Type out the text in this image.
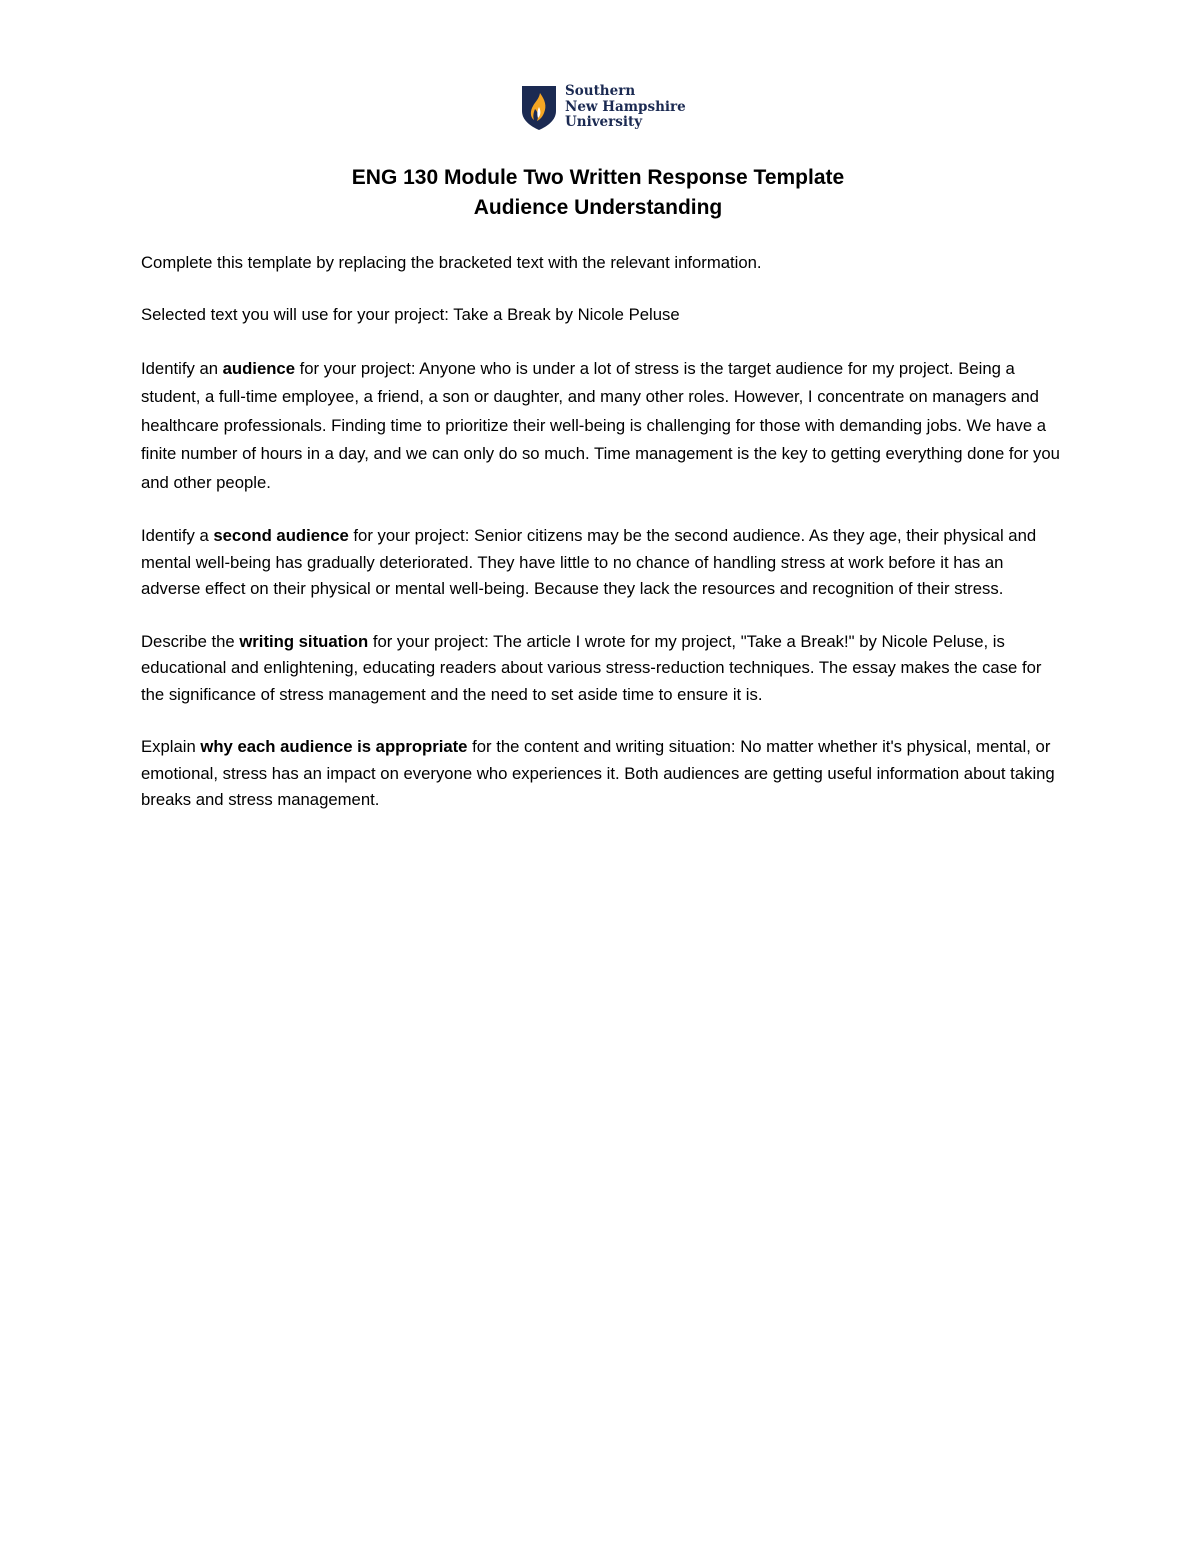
Southern
New Hampshire
University
ENG 130 Module Two Written Response Template
Audience Understanding

Complete this template by replacing the bracketed text with the relevant information.

Selected text you will use for your project: Take a Break by Nicole Peluse

Identify an audience for your project: Anyone who is under a lot of stress is the target audience for my project. Being a student, a full-time employee, a friend, a son or daughter, and many other roles. However, I concentrate on managers and healthcare professionals. Finding time to prioritize their well-being is challenging for those with demanding jobs. We have a finite number of hours in a day, and we can only do so much. Time management is the key to getting everything done for you and other people.

Identify a second audience for your project: Senior citizens may be the second audience. As they age, their physical and mental well-being has gradually deteriorated. They have little to no chance of handling stress at work before it has an adverse effect on their physical or mental well-being. Because they lack the resources and recognition of their stress.

Describe the writing situation for your project: The article I wrote for my project, "Take a Break!" by Nicole Peluse, is educational and enlightening, educating readers about various stress-reduction techniques. The essay makes the case for the significance of stress management and the need to set aside time to ensure it is.

Explain why each audience is appropriate for the content and writing situation: No matter whether it's physical, mental, or emotional, stress has an impact on everyone who experiences it. Both audiences are getting useful information about taking breaks and stress management.
